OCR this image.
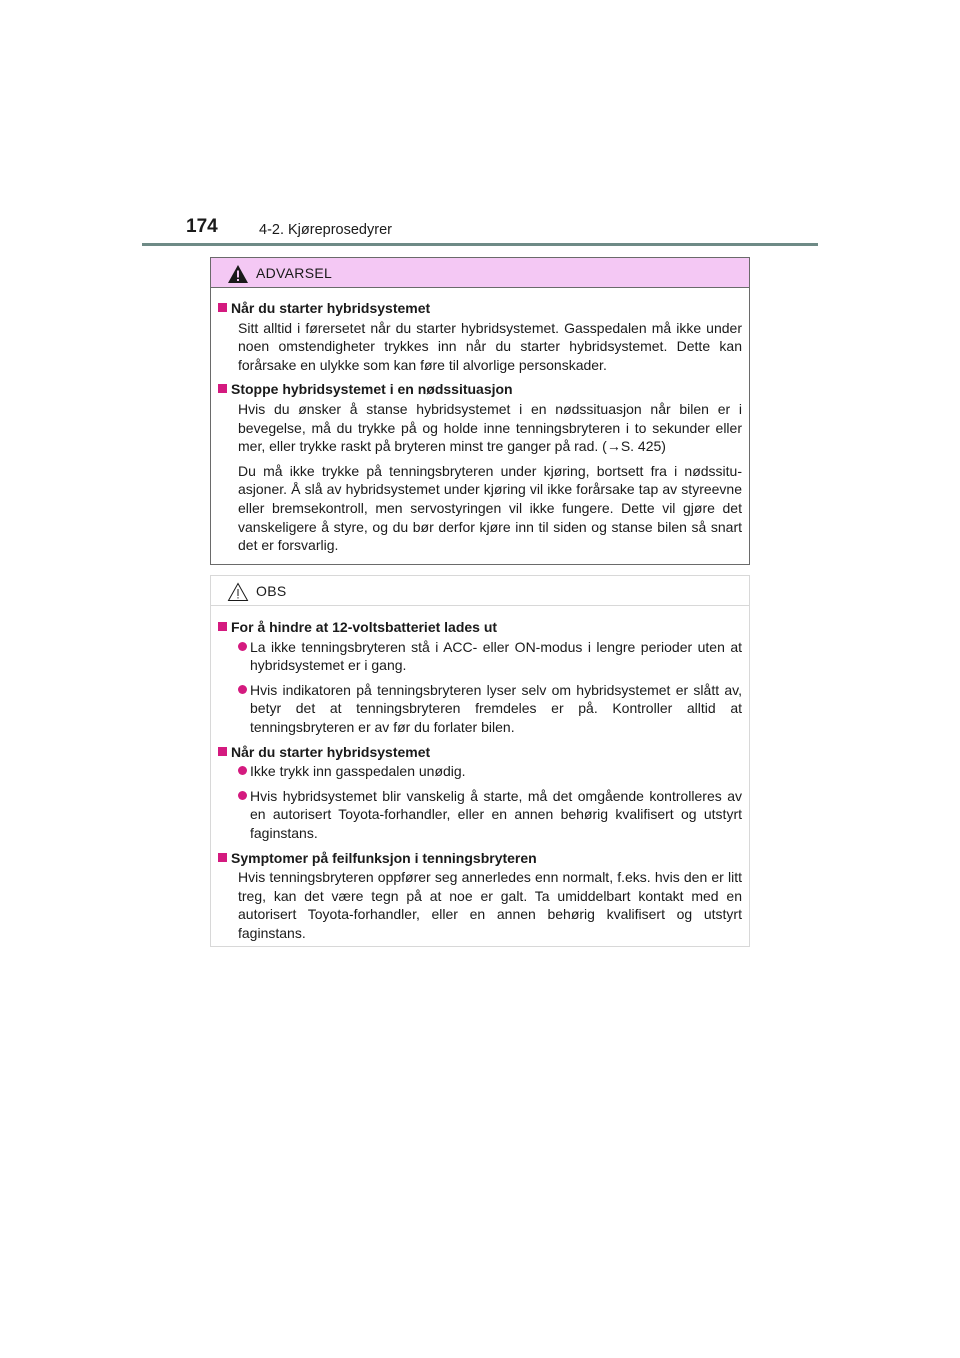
174	4-2. Kjøreprosedyrer
ADVARSEL
Når du starter hybridsystemet

Sitt alltid i førersetet når du starter hybridsystemet. Gasspedalen må ikke under noen omstendigheter trykkes inn når du starter hybridsystemet. Dette kan forårsake en ulykke som kan føre til alvorlige personskader.

Stoppe hybridsystemet i en nødssituasjon

Hvis du ønsker å stanse hybridsystemet i en nødssituasjon når bilen er i bevegelse, må du trykke på og holde inne tenningsbryteren i to sekunder eller mer, eller trykke raskt på bryteren minst tre ganger på rad. (→S. 425)

Du må ikke trykke på tenningsbryteren under kjøring, bortsett fra i nødssitu-asjoner. Å slå av hybridsystemet under kjøring vil ikke forårsake tap av styreevne eller bremsekontroll, men servostyringen vil ikke fungere. Dette vil gjøre det vanskeligere å styre, og du bør derfor kjøre inn til siden og stanse bilen så snart det er forsvarlig.

OBS
For å hindre at 12-voltsbatteriet lades ut
La ikke tenningsbryteren stå i ACC- eller ON-modus i lengre perioder uten at hybridsystemet er i gang.
Hvis indikatoren på tenningsbryteren lyser selv om hybridsystemet er slått av, betyr det at tenningsbryteren fremdeles er på. Kontroller alltid at tenningsbryteren er av før du forlater bilen.
Når du starter hybridsystemet
Ikke trykk inn gasspedalen unødig.
Hvis hybridsystemet blir vanskelig å starte, må det omgående kontrolleres av en autorisert Toyota-forhandler, eller en annen behørig kvalifisert og utstyrt faginstans.
Symptomer på feilfunksjon i tenningsbryteren

Hvis tenningsbryteren oppfører seg annerledes enn normalt, f.eks. hvis den er litt treg, kan det være tegn på at noe er galt. Ta umiddelbart kontakt med en autorisert Toyota-forhandler, eller en annen behørig kvalifisert og utstyrt faginstans.
